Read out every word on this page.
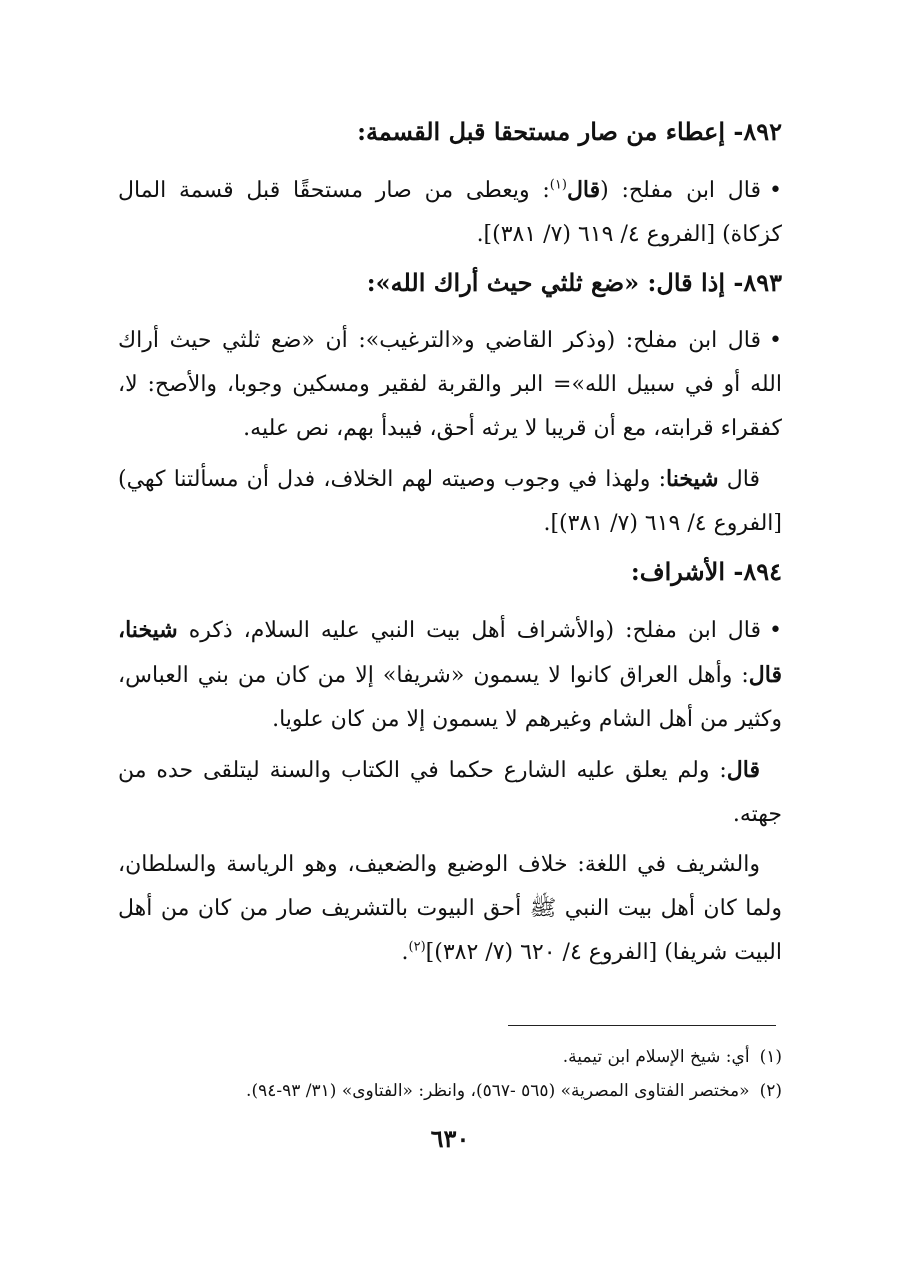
٨٩٢- إعطاء من صار مستحقا قبل القسمة:

•قال ابن مفلح: (قال$^{(١)}$: ويعطى من صار مستحقًا قبل قسمة المال كزكاة) [الفروع ٤/ ٦١٩ (٧/ ٣٨١)].

٨٩٣- إذا قال: «ضع ثلثي حيث أراك الله»:

•قال ابن مفلح: (وذكر القاضي و«الترغيب»: أن «ضع ثلثي حيث أراك الله أو في سبيل الله»= البر والقربة لفقير ومسكين وجوبا، والأصح: لا، كفقراء قرابته، مع أن قريبا لا يرثه أحق، فيبدأ بهم، نص عليه.

قال شيخنا: ولهذا في وجوب وصيته لهم الخلاف، فدل أن مسألتنا كهي) [الفروع ٤/ ٦١٩ (٧/ ٣٨١)].

٨٩٤- الأشراف:

•قال ابن مفلح: (والأشراف أهل بيت النبي عليه السلام، ذكره شيخنا، قال: وأهل العراق كانوا لا يسمون «شريفا» إلا من كان من بني العباس، وكثير من أهل الشام وغيرهم لا يسمون إلا من كان علويا.

قال: ولم يعلق عليه الشارع حكما في الكتاب والسنة ليتلقى حده من جهته.

والشريف في اللغة: خلاف الوضيع والضعيف، وهو الرياسة والسلطان، ولما كان أهل بيت النبي ﷺ أحق البيوت بالتشريف صار من كان من أهل البيت شريفا) [الفروع ٤/ ٦٢٠ (٧/ ٣٨٢)]$^{(٢)}$.

(١)أي: شيخ الإسلام ابن تيمية.

(٢)«مختصر الفتاوى المصرية» (٥٦٥ -٥٦٧)، وانظر: «الفتاوى» (٣١/ ٩٣-٩٤).

٦٣٠
